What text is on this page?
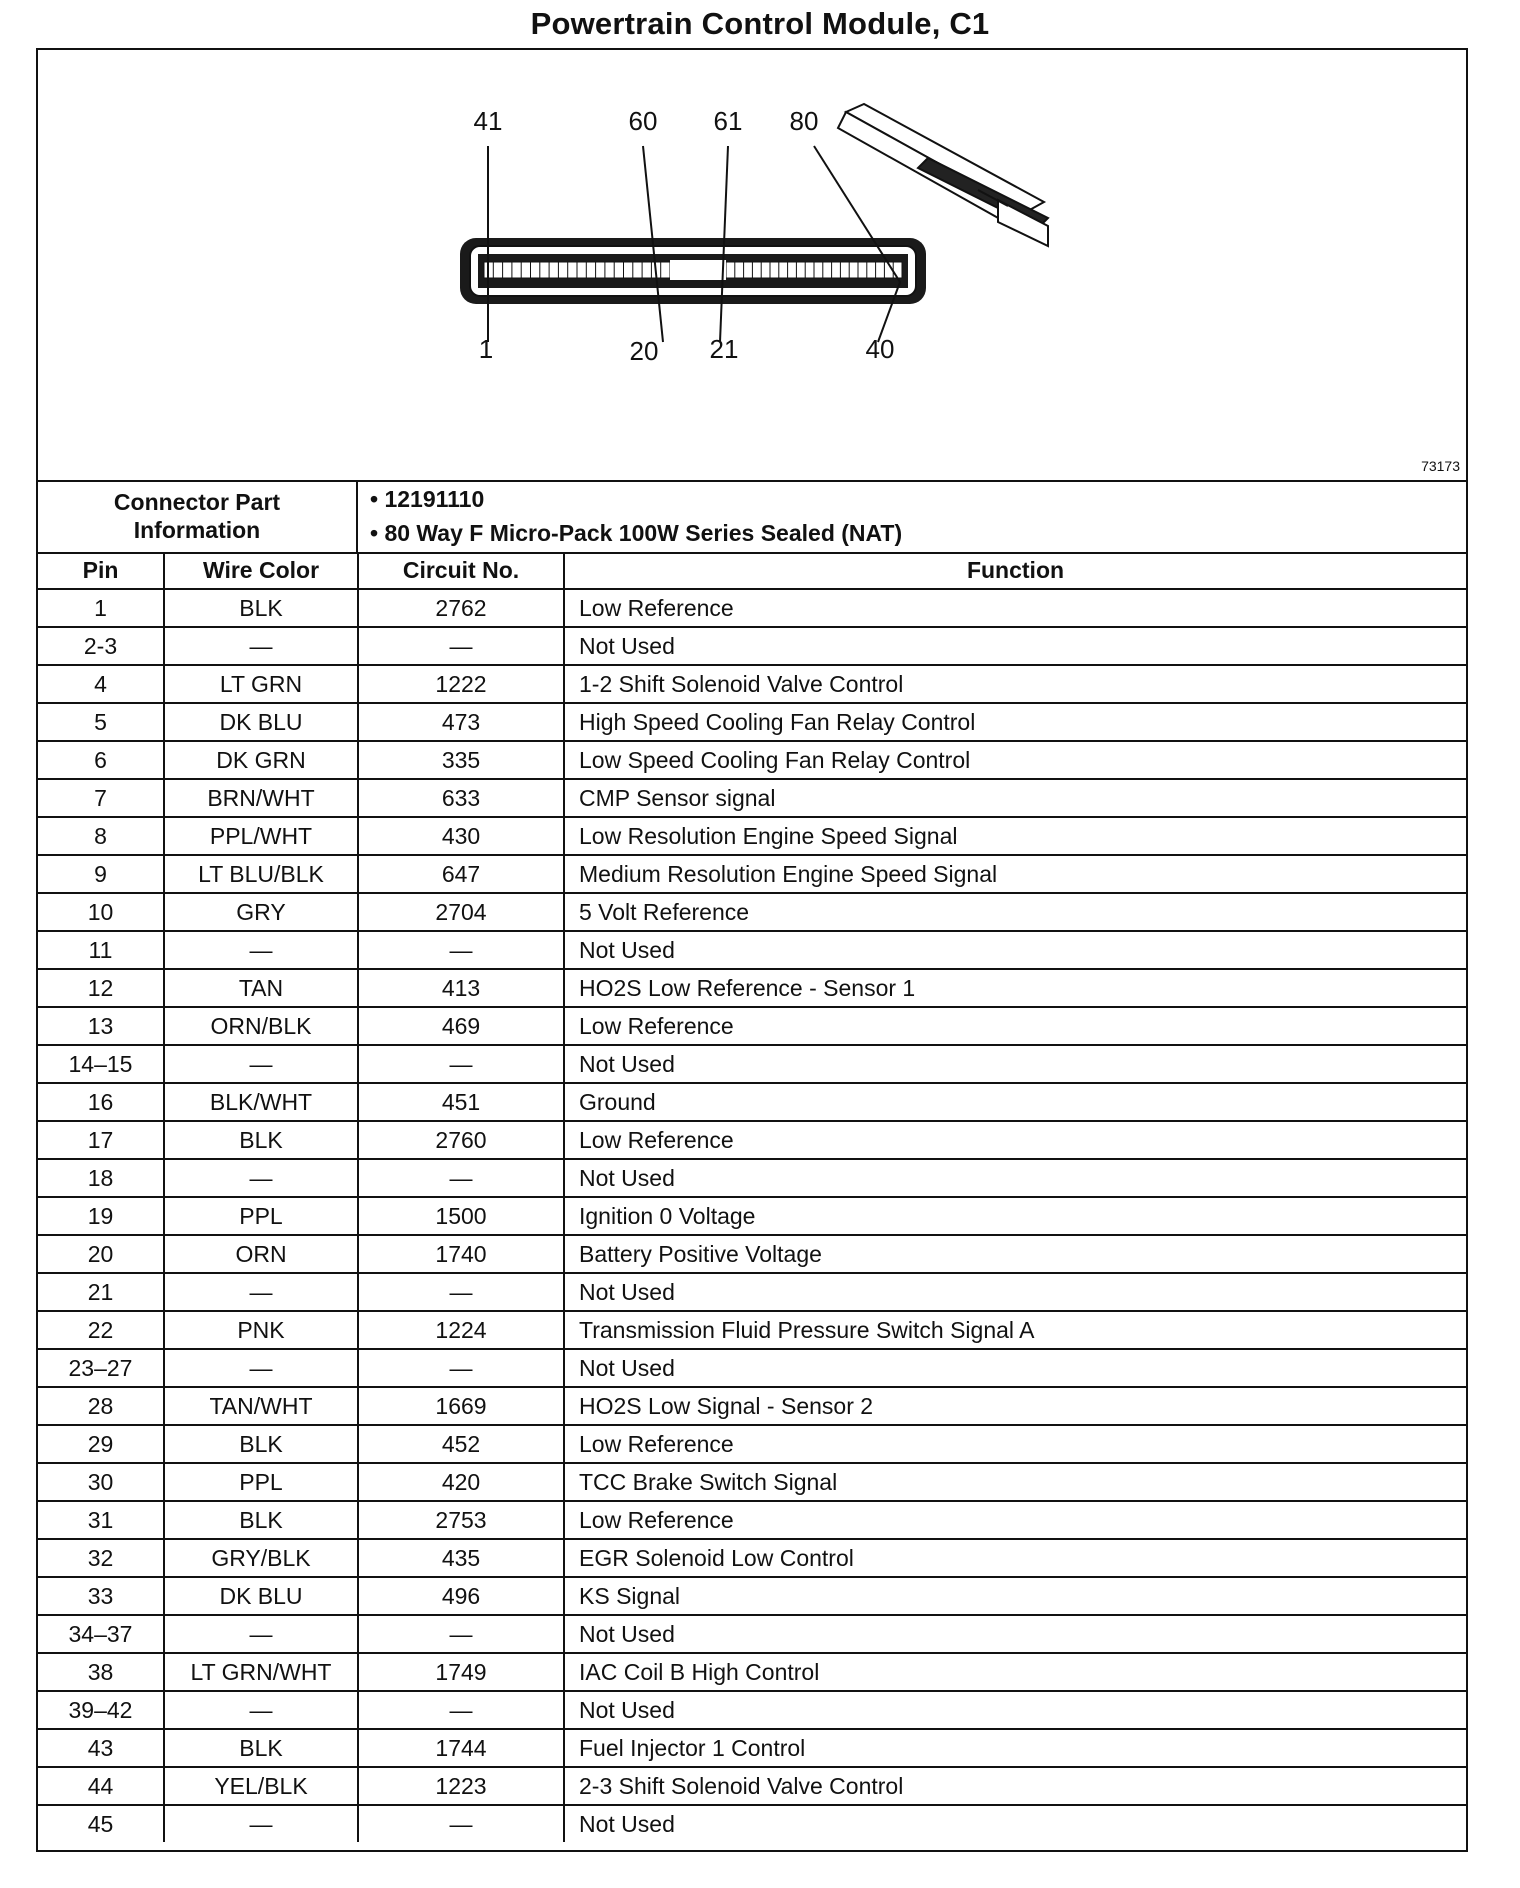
Powertrain Control Module, C1
41	60 61 80
1	20 21	40
73173
Connector Part
Information
• 12191110
• 80 Way F Micro-Pack 100W Series Sealed (NAT)
Pin	Wire Color	Circuit No.	Function
1	BLK	2762	Low Reference
2-3	—	—	Not Used
4	LT GRN	1222	1-2 Shift Solenoid Valve Control
5	DK BLU	473	High Speed Cooling Fan Relay Control
6	DK GRN	335	Low Speed Cooling Fan Relay Control
7	BRN/WHT	633	CMP Sensor signal
8	PPL/WHT	430	Low Resolution Engine Speed Signal
9	LT BLU/BLK	647	Medium Resolution Engine Speed Signal
10	GRY	2704	5 Volt Reference
11	—	—	Not Used
12	TAN	413	HO2S Low Reference - Sensor 1
13	ORN/BLK	469	Low Reference
14–15	—	—	Not Used
16	BLK/WHT	451	Ground
17	BLK	2760	Low Reference
18	—	—	Not Used
19	PPL	1500	Ignition 0 Voltage
20	ORN	1740	Battery Positive Voltage
21	—	—	Not Used
22	PNK	1224	Transmission Fluid Pressure Switch Signal A
23–27	—	—	Not Used
28	TAN/WHT	1669	HO2S Low Signal - Sensor 2
29	BLK	452	Low Reference
30	PPL	420	TCC Brake Switch Signal
31	BLK	2753	Low Reference
32	GRY/BLK	435	EGR Solenoid Low Control
33	DK BLU	496	KS Signal
34–37	—	—	Not Used
38	LT GRN/WHT	1749	IAC Coil B High Control
39–42	—	—	Not Used
43	BLK	1744	Fuel Injector 1 Control
44	YEL/BLK	1223	2-3 Shift Solenoid Valve Control
45	—	—	Not Used
